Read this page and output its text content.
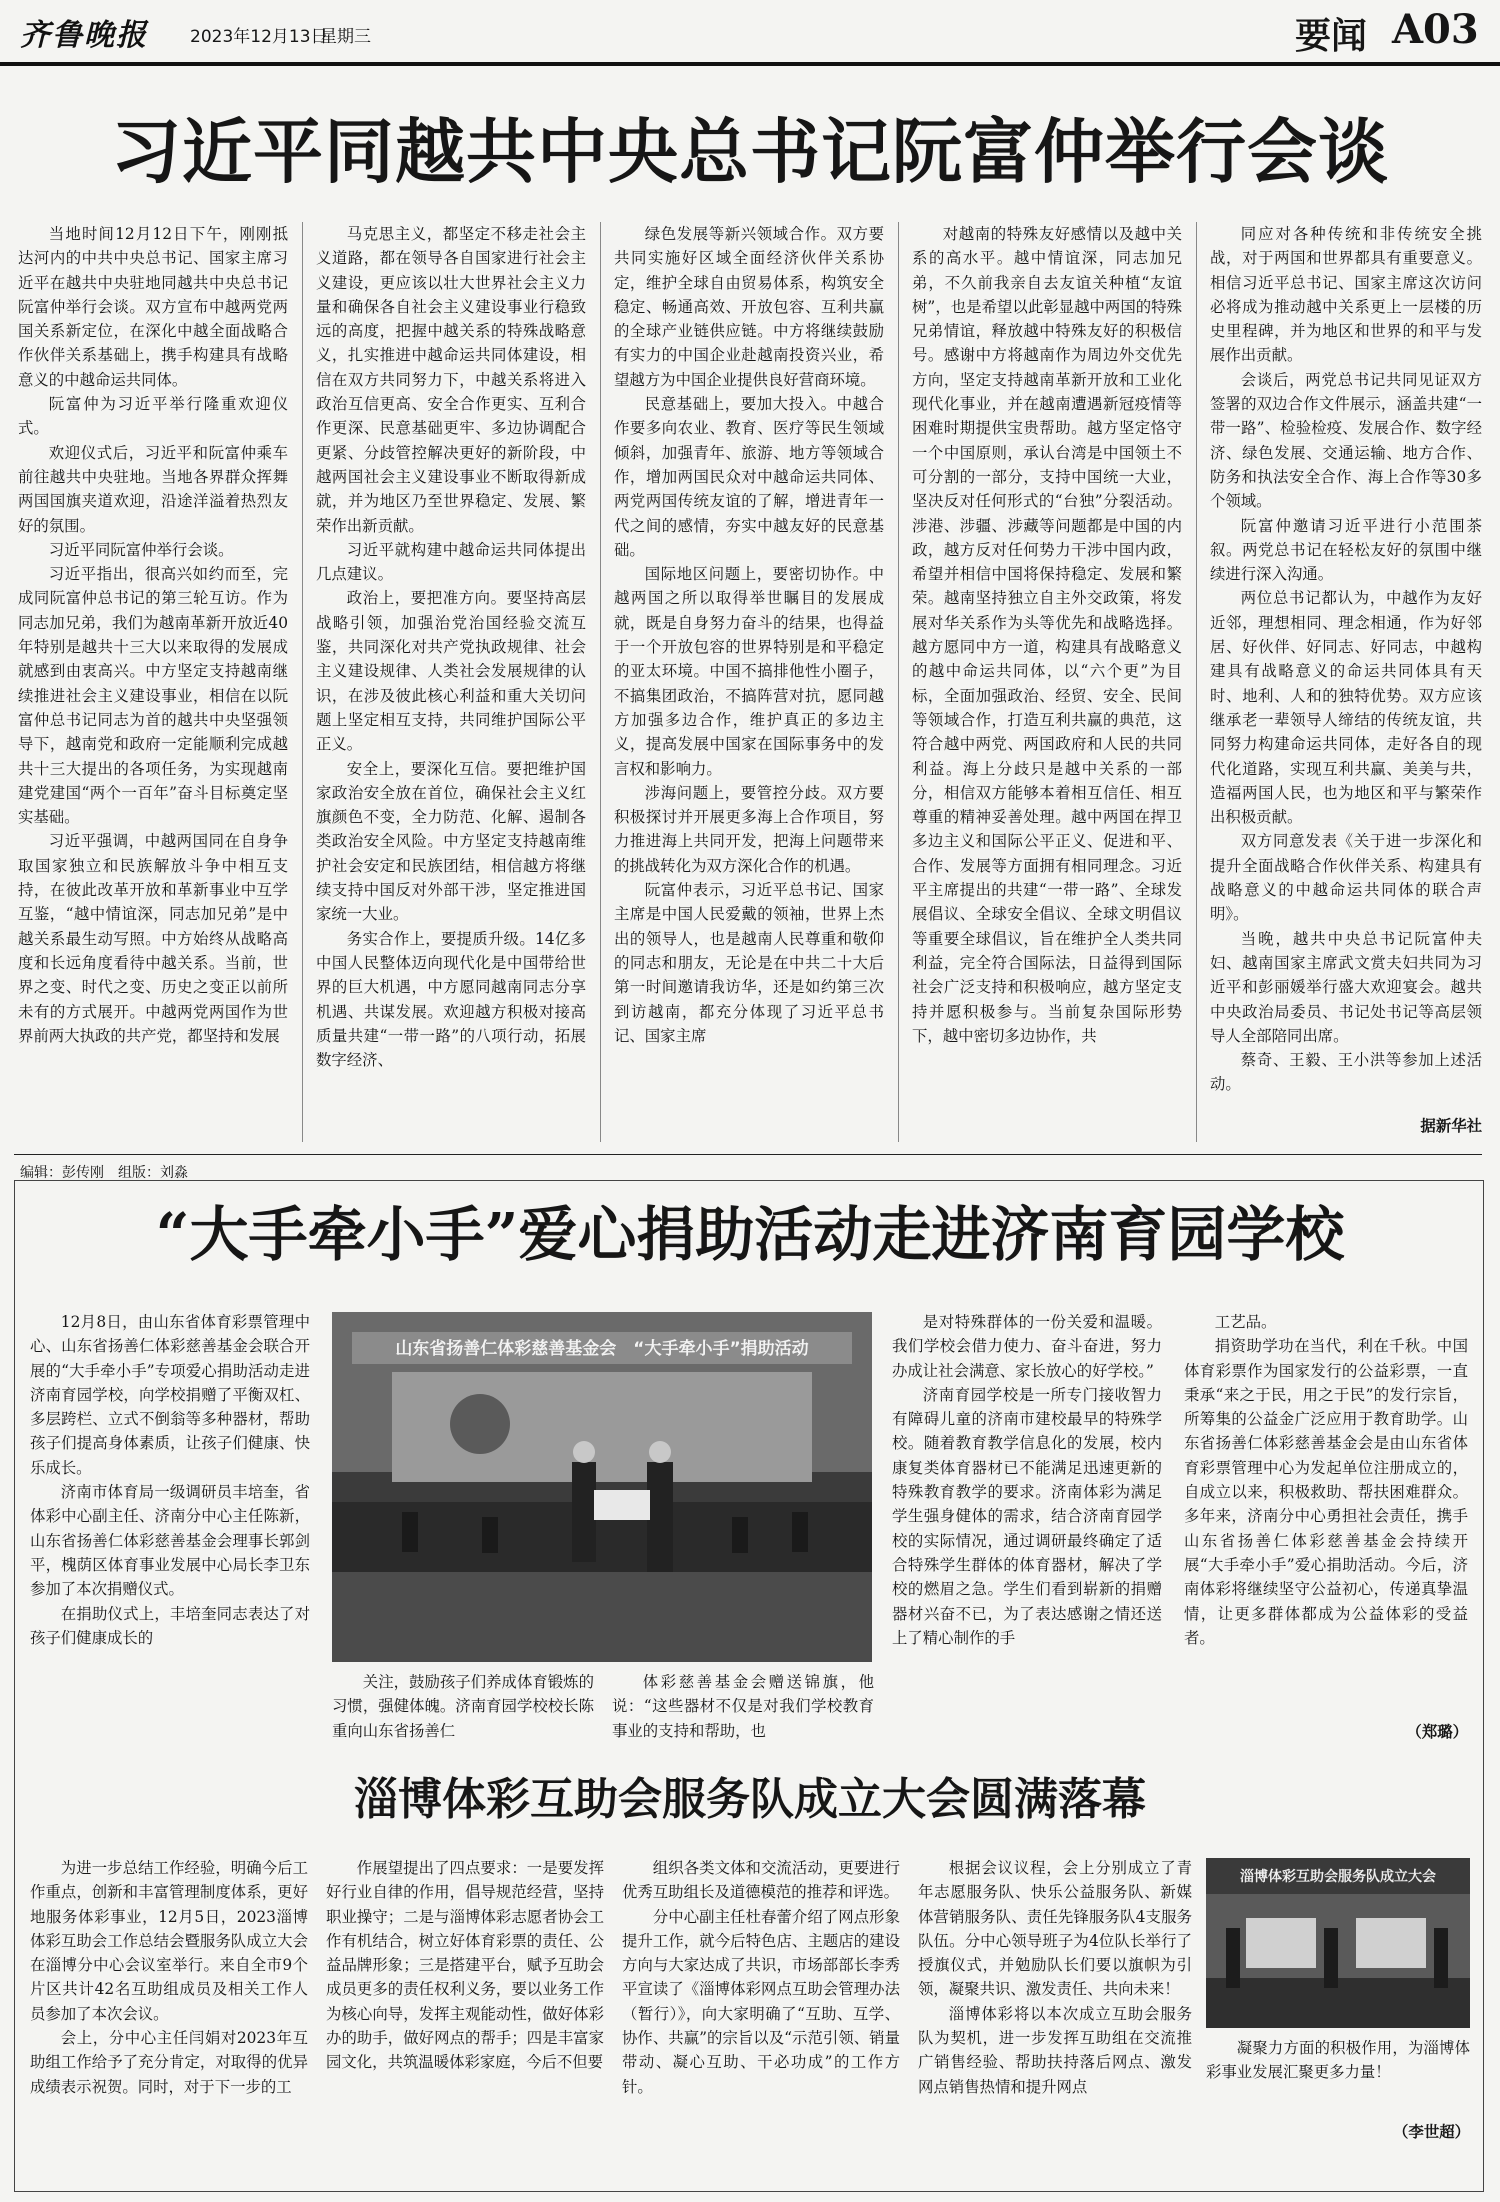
齐鲁晚报 2023年12月13日
星期三	要闻 A03
习近平同越共中央总书记阮富仲举行会谈

当地时间12月12日下午，刚刚抵达河内的中共中央总书记、国家主席习近平在越共中央驻地同越共中央总书记阮富仲举行会谈。双方宣布中越两党两国关系新定位，在深化中越全面战略合作伙伴关系基础上，携手构建具有战略意义的中越命运共同体。

阮富仲为习近平举行隆重欢迎仪式。

欢迎仪式后，习近平和阮富仲乘车前往越共中央驻地。当地各界群众挥舞两国国旗夹道欢迎，沿途洋溢着热烈友好的氛围。

习近平同阮富仲举行会谈。

习近平指出，很高兴如约而至，完成同阮富仲总书记的第三轮互访。作为同志加兄弟，我们为越南革新开放近40年特别是越共十三大以来取得的发展成就感到由衷高兴。中方坚定支持越南继续推进社会主义建设事业，相信在以阮富仲总书记同志为首的越共中央坚强领导下，越南党和政府一定能顺利完成越共十三大提出的各项任务，为实现越南建党建国“两个一百年”奋斗目标奠定坚实基础。

习近平强调，中越两国同在自身争取国家独立和民族解放斗争中相互支持，在彼此改革开放和革新事业中互学互鉴，“越中情谊深，同志加兄弟”是中越关系最生动写照。中方始终从战略高度和长远角度看待中越关系。当前，世界之变、时代之变、历史之变正以前所未有的方式展开。中越两党两国作为世界前两大执政的共产党，都坚持和发展

马克思主义，都坚定不移走社会主义道路，都在领导各自国家进行社会主义建设，更应该以壮大世界社会主义力量和确保各自社会主义建设事业行稳致远的高度，把握中越关系的特殊战略意义，扎实推进中越命运共同体建设，相信在双方共同努力下，中越关系将进入政治互信更高、安全合作更实、互利合作更深、民意基础更牢、多边协调配合更紧、分歧管控解决更好的新阶段，中越两国社会主义建设事业不断取得新成就，并为地区乃至世界稳定、发展、繁荣作出新贡献。

习近平就构建中越命运共同体提出几点建议。

政治上，要把准方向。要坚持高层战略引领，加强治党治国经验交流互鉴，共同深化对共产党执政规律、社会主义建设规律、人类社会发展规律的认识，在涉及彼此核心利益和重大关切问题上坚定相互支持，共同维护国际公平正义。

安全上，要深化互信。要把维护国家政治安全放在首位，确保社会主义红旗颜色不变，全力防范、化解、遏制各类政治安全风险。中方坚定支持越南维护社会安定和民族团结，相信越方将继续支持中国反对外部干涉，坚定推进国家统一大业。

务实合作上，要提质升级。14亿多中国人民整体迈向现代化是中国带给世界的巨大机遇，中方愿同越南同志分享机遇、共谋发展。欢迎越方积极对接高质量共建“一带一路”的八项行动，拓展数字经济、

绿色发展等新兴领域合作。双方要共同实施好区域全面经济伙伴关系协定，维护全球自由贸易体系，构筑安全稳定、畅通高效、开放包容、互利共赢的全球产业链供应链。中方将继续鼓励有实力的中国企业赴越南投资兴业，希望越方为中国企业提供良好营商环境。

民意基础上，要加大投入。中越合作要多向农业、教育、医疗等民生领域倾斜，加强青年、旅游、地方等领域合作，增加两国民众对中越命运共同体、两党两国传统友谊的了解，增进青年一代之间的感情，夯实中越友好的民意基础。

国际地区问题上，要密切协作。中越两国之所以取得举世瞩目的发展成就，既是自身努力奋斗的结果，也得益于一个开放包容的世界特别是和平稳定的亚太环境。中国不搞排他性小圈子，不搞集团政治，不搞阵营对抗，愿同越方加强多边合作，维护真正的多边主义，提高发展中国家在国际事务中的发言权和影响力。

涉海问题上，要管控分歧。双方要积极探讨并开展更多海上合作项目，努力推进海上共同开发，把海上问题带来的挑战转化为双方深化合作的机遇。

阮富仲表示，习近平总书记、国家主席是中国人民爱戴的领袖，世界上杰出的领导人，也是越南人民尊重和敬仰的同志和朋友，无论是在中共二十大后第一时间邀请我访华，还是如约第三次到访越南，都充分体现了习近平总书记、国家主席

对越南的特殊友好感情以及越中关系的高水平。越中情谊深，同志加兄弟，不久前我亲自去友谊关种植“友谊树”，也是希望以此彰显越中两国的特殊兄弟情谊，释放越中特殊友好的积极信号。感谢中方将越南作为周边外交优先方向，坚定支持越南革新开放和工业化现代化事业，并在越南遭遇新冠疫情等困难时期提供宝贵帮助。越方坚定恪守一个中国原则，承认台湾是中国领土不可分割的一部分，支持中国统一大业，坚决反对任何形式的“台独”分裂活动。涉港、涉疆、涉藏等问题都是中国的内政，越方反对任何势力干涉中国内政，希望并相信中国将保持稳定、发展和繁荣。越南坚持独立自主外交政策，将发展对华关系作为头等优先和战略选择。越方愿同中方一道，构建具有战略意义的越中命运共同体，以“六个更”为目标，全面加强政治、经贸、安全、民间等领域合作，打造互利共赢的典范，这符合越中两党、两国政府和人民的共同利益。海上分歧只是越中关系的一部分，相信双方能够本着相互信任、相互尊重的精神妥善处理。越中两国在捍卫多边主义和国际公平正义、促进和平、合作、发展等方面拥有相同理念。习近平主席提出的共建“一带一路”、全球发展倡议、全球安全倡议、全球文明倡议等重要全球倡议，旨在维护全人类共同利益，完全符合国际法，日益得到国际社会广泛支持和积极响应，越方坚定支持并愿积极参与。当前复杂国际形势下，越中密切多边协作，共

同应对各种传统和非传统安全挑战，对于两国和世界都具有重要意义。相信习近平总书记、国家主席这次访问必将成为推动越中关系更上一层楼的历史里程碑，并为地区和世界的和平与发展作出贡献。

会谈后，两党总书记共同见证双方签署的双边合作文件展示，涵盖共建“一带一路”、检验检疫、发展合作、数字经济、绿色发展、交通运输、地方合作、防务和执法安全合作、海上合作等30多个领域。

阮富仲邀请习近平进行小范围茶叙。两党总书记在轻松友好的氛围中继续进行深入沟通。

两位总书记都认为，中越作为友好近邻，理想相同、理念相通，作为好邻居、好伙伴、好同志、好同志，中越构建具有战略意义的命运共同体具有天时、地利、人和的独特优势。双方应该继承老一辈领导人缔结的传统友谊，共同努力构建命运共同体，走好各自的现代化道路，实现互利共赢、美美与共，造福两国人民，也为地区和平与繁荣作出积极贡献。

双方同意发表《关于进一步深化和提升全面战略合作伙伴关系、构建具有战略意义的中越命运共同体的联合声明》。

当晚，越共中央总书记阮富仲夫妇、越南国家主席武文赏夫妇共同为习近平和彭丽媛举行盛大欢迎宴会。越共中央政治局委员、书记处书记等高层领导人全部陪同出席。

蔡奇、王毅、王小洪等参加上述活动。

据新华社
编辑：彭传刚　组版：刘淼
“大手牵小手”爱心捐助活动走进济南育园学校

12月8日，由山东省体育彩票管理中心、山东省扬善仁体彩慈善基金会联合开展的“大手牵小手”专项爱心捐助活动走进济南育园学校，向学校捐赠了平衡双杠、多层跨栏、立式不倒翁等多种器材，帮助孩子们提高身体素质，让孩子们健康、快乐成长。

济南市体育局一级调研员丰培奎，省体彩中心副主任、济南分中心主任陈新，山东省扬善仁体彩慈善基金会理事长郭剑平，槐荫区体育事业发展中心局长李卫东参加了本次捐赠仪式。

在捐助仪式上，丰培奎同志表达了对孩子们健康成长的

山东省扬善仁体彩慈善基金会　“大手牵小手”捐助活动

关注，鼓励孩子们养成体育锻炼的习惯，强健体魄。济南育园学校校长陈重向山东省扬善仁

体彩慈善基金会赠送锦旗，他说：“这些器材不仅是对我们学校教育事业的支持和帮助，也

是对特殊群体的一份关爱和温暖。我们学校会借力使力、奋斗奋进，努力办成让社会满意、家长放心的好学校。”

济南育园学校是一所专门接收智力有障碍儿童的济南市建校最早的特殊学校。随着教育教学信息化的发展，校内康复类体育器材已不能满足迅速更新的特殊教育教学的要求。济南体彩为满足学生强身健体的需求，结合济南育园学校的实际情况，通过调研最终确定了适合特殊学生群体的体育器材，解决了学校的燃眉之急。学生们看到崭新的捐赠器材兴奋不已，为了表达感谢之情还送上了精心制作的手

工艺品。

捐资助学功在当代，利在千秋。中国体育彩票作为国家发行的公益彩票，一直秉承“来之于民，用之于民”的发行宗旨，所筹集的公益金广泛应用于教育助学。山东省扬善仁体彩慈善基金会是由山东省体育彩票管理中心为发起单位注册成立的，自成立以来，积极救助、帮扶困难群众。多年来，济南分中心勇担社会责任，携手山东省扬善仁体彩慈善基金会持续开展“大手牵小手”爱心捐助活动。今后，济南体彩将继续坚守公益初心，传递真挚温情，让更多群体都成为公益体彩的受益者。

（郑璐）
淄博体彩互助会服务队成立大会圆满落幕

为进一步总结工作经验，明确今后工作重点，创新和丰富管理制度体系，更好地服务体彩事业，12月5日，2023淄博体彩互助会工作总结会暨服务队成立大会在淄博分中心会议室举行。来自全市9个片区共计42名互助组成员及相关工作人员参加了本次会议。

会上，分中心主任闫娟对2023年互助组工作给予了充分肯定，对取得的优异成绩表示祝贺。同时，对于下一步的工

作展望提出了四点要求：一是要发挥好行业自律的作用，倡导规范经营，坚持职业操守；二是与淄博体彩志愿者协会工作有机结合，树立好体育彩票的责任、公益品牌形象；三是搭建平台，赋予互助会成员更多的责任权利义务，要以业务工作为核心向导，发挥主观能动性，做好体彩办的助手，做好网点的帮手；四是丰富家园文化，共筑温暖体彩家庭，今后不但要

组织各类文体和交流活动，更要进行优秀互助组长及道德模范的推荐和评选。

分中心副主任杜春蕾介绍了网点形象提升工作，就今后特色店、主题店的建设方向与大家达成了共识，市场部部长李秀平宣读了《淄博体彩网点互助会管理办法（暂行）》，向大家明确了“互助、互学、协作、共赢”的宗旨以及“示范引领、销量带动、凝心互助、干必功成”的工作方针。

根据会议议程，会上分别成立了青年志愿服务队、快乐公益服务队、新媒体营销服务队、责任先锋服务队4支服务队伍。分中心领导班子为4位队长举行了授旗仪式，并勉励队长们要以旗帜为引领，凝聚共识、激发责任、共向未来！

淄博体彩将以本次成立互助会服务队为契机，进一步发挥互助组在交流推广销售经验、帮助扶持落后网点、激发网点销售热情和提升网点

淄博体彩互助会服务队成立大会

凝聚力方面的积极作用，为淄博体彩事业发展汇聚更多力量！

（李世超）
